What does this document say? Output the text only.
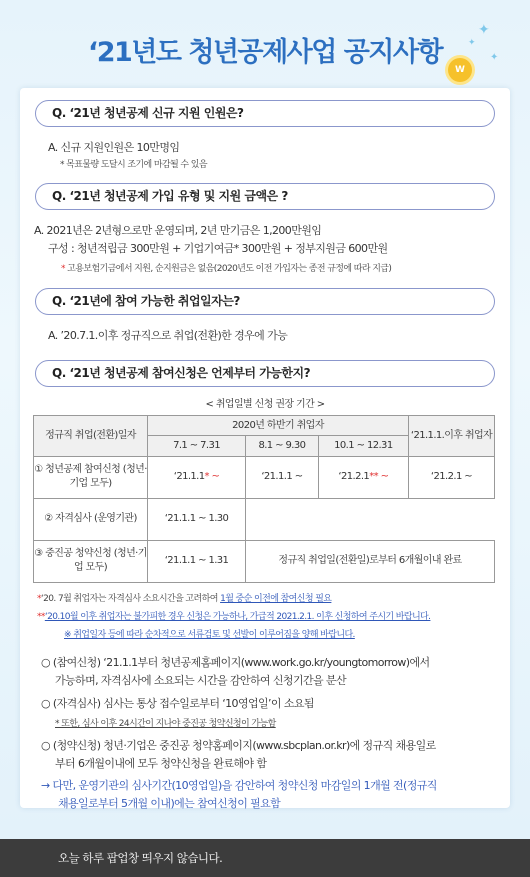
✦
✦
✦
W
‘21년도 청년공제사업 공지사항
Q. ‘21년 청년공제 신규 지원 인원은?
A. 신규 지원인원은 10만명임
* 목표물량 도달시 조기에 마감될 수 있음
Q. ‘21년 청년공제 가입 유형 및 지원 금액은 ?
A. 2021년은 2년형으로만 운영되며, 2년 만기금은 1,200만원임
구성 : 청년적립금 300만원 + 기업기여금* 300만원 + 정부지원금 600만원
* 고용보험기금에서 지원, 순지원금은 없음(2020년도 이전 가입자는 종전 규정에 따라 지급)
Q. ‘21년에 참여 가능한 취업일자는?
A. ’20.7.1.이후 정규직으로 취업(전환)한 경우에 가능
Q. ‘21년 청년공제 참여신청은 언제부터 가능한지?
< 취업일별 신청 권장 기간 >
정규직 취업(전환)일자	2020년 하반기 취업자			‘21.1.1.이후 취업자
	7.1 ~ 7.31	8.1 ~ 9.30	10.1 ~ 12.31	
① 청년공제 참여신청 (청년·기업 모두)	‘21.1.1* ~	‘21.1.1 ~	‘21.2.1** ~	‘21.2.1 ~
② 자격심사 (운영기관)	‘21.1.1 ~ 1.30			
③ 중진공 청약신청 (청년·기업 모두)	‘21.1.1 ~ 1.31	정규직 취업일(전환일)로부터 6개월이내 완료		
*‘20. 7월 취업자는 자격심사 소요시간을 고려하여 1월 중순 이전에 참여신청 필요
**‘20.10월 이후 취업자는 불가피한 경우 신청은 가능하나, 가급적 2021.2.1. 이후 신청하여 주시기 바랍니다.
※ 취업일자 등에 따라 순차적으로 서류검토 및 선발이 이루어짐을 양해 바랍니다.
○ (참여신청) ‘21.1.1부터 청년공제홈페이지(www.work.go.kr/youngtomorrow)에서
가능하며, 자격심사에 소요되는 시간을 감안하여 신청기간을 분산
○ (자격심사) 심사는 통상 접수일로부터 ‘10영업일’이 소요됨
* 또한, 심사 이후 24시간이 지나야 중진공 청약신청이 가능함
○ (청약신청) 청년·기업은 중진공 청약홈페이지(www.sbcplan.or.kr)에 정규직 채용일로
부터 6개월이내에 모두 청약신청을 완료해야 함
→ 다만, 운영기관의 심사기간(10영업일)을 감안하여 청약신청 마감일의 1개월 전(정규직
채용일로부터 5개월 이내)에는 참여신청이 필요함
오늘 하루 팝업창 띄우지 않습니다.
